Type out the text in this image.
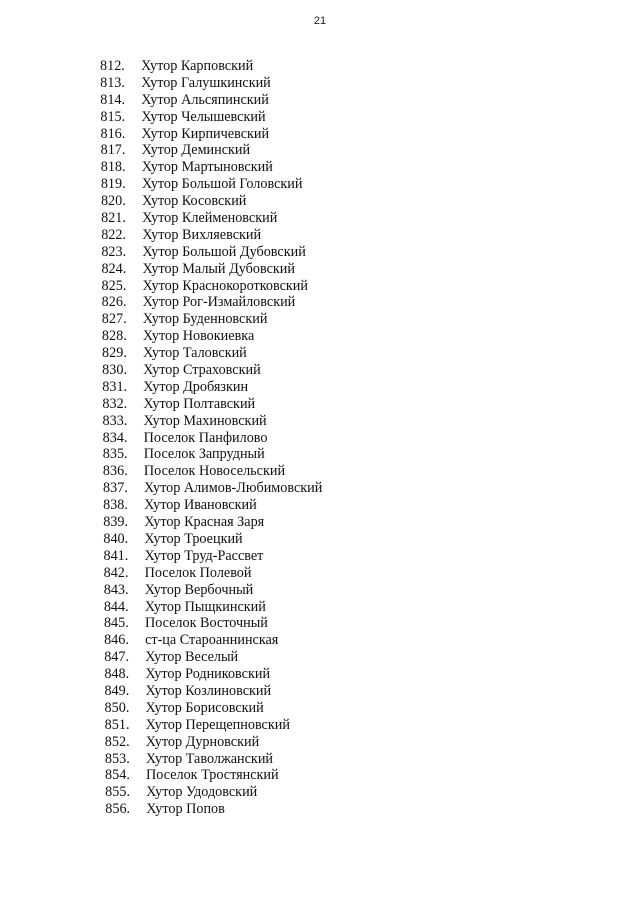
21
812. Хутор Карповский
813. Хутор Галушкинский
814. Хутор Альсяпинский
815. Хутор Челышевский
816. Хутор Кирпичевский
817. Хутор Деминский
818. Хутор Мартыновский
819. Хутор Большой Головский
820. Хутор Косовский
821. Хутор Клейменовский
822. Хутор Вихляевский
823. Хутор Большой Дубовский
824. Хутор Малый Дубовский
825. Хутор Краснокоротковский
826. Хутор Рог-Измайловский
827. Хутор Буденновский
828. Хутор Новокиевка
829. Хутор Таловский
830. Хутор Страховский
831. Хутор Дробязкин
832. Хутор Полтавский
833. Хутор Махиновский
834. Поселок Панфилово
835. Поселок Запрудный
836. Поселок Новосельский
837. Хутор Алимов-Любимовский
838. Хутор Ивановский
839. Хутор Красная Заря
840. Хутор Троецкий
841. Хутор Труд-Рассвет
842. Поселок Полевой
843. Хутор Вербочный
844. Хутор Пыщкинский
845. Поселок Восточный
846. ст-ца Староаннинская
847. Хутор Веселый
848. Хутор Родниковский
849. Хутор Козлиновский
850. Хутор Борисовский
851. Хутор Перещепновский
852. Хутор Дурновский
853. Хутор Таволжанский
854. Поселок Тростянский
855. Хутор Удодовский
856. Хутор Попов
